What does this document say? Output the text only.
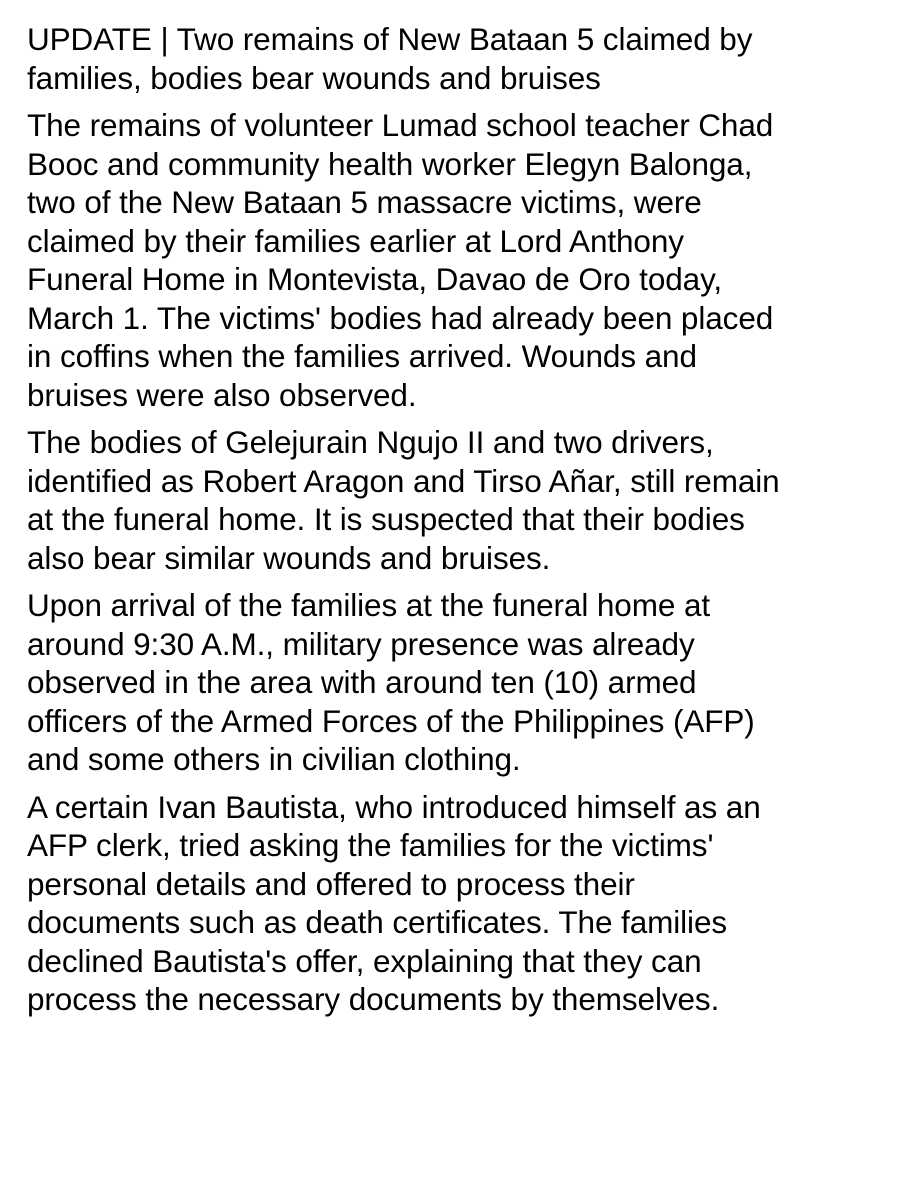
UPDATE | Two remains of New Bataan 5 claimed by
families, bodies bear wounds and bruises

The remains of volunteer Lumad school teacher Chad
Booc and community health worker Elegyn Balonga,
two of the New Bataan 5 massacre victims, were
claimed by their families earlier at Lord Anthony
Funeral Home in Montevista, Davao de Oro today,
March 1. The victims' bodies had already been placed
in coffins when the families arrived. Wounds and
bruises were also observed.

The bodies of Gelejurain Ngujo II and two drivers,
identified as Robert Aragon and Tirso Añar, still remain
at the funeral home. It is suspected that their bodies
also bear similar wounds and bruises.

Upon arrival of the families at the funeral home at
around 9:30 A.M., military presence was already
observed in the area with around ten (10) armed
officers of the Armed Forces of the Philippines (AFP)
and some others in civilian clothing.

A certain Ivan Bautista, who introduced himself as an
AFP clerk, tried asking the families for the victims'
personal details and offered to process their
documents such as death certificates. The families
declined Bautista's offer, explaining that they can
process the necessary documents by themselves.
